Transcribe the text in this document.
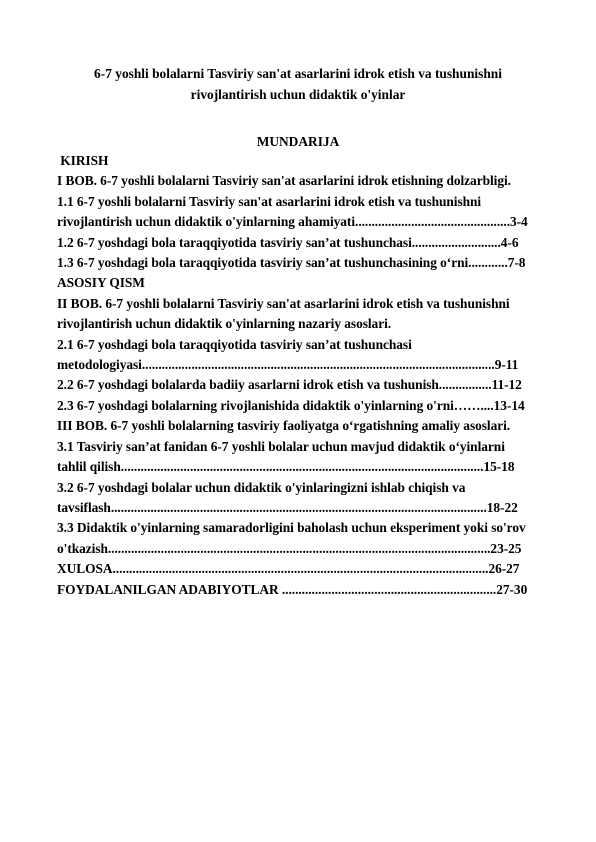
6-7 yoshli bolalarni Tasviriy san'at asarlarini idrok etish va tushunishni
rivojlantirish uchun didaktik o'yinlar
MUNDARIJA
KIRISH
I BOB. 6-7 yoshli bolalarni Tasviriy san'at asarlarini idrok etishning dolzarbligi.
1.1 6-7 yoshli bolalarni Tasviriy san'at asarlarini idrok etish va tushunishni
rivojlantirish uchun didaktik o'yinlarning ahamiyati...............................................3-4
1.2 6-7 yoshdagi bola taraqqiyotida tasviriy san’at tushunchasi...........................4-6
1.3 6-7 yoshdagi bola taraqqiyotida tasviriy san’at tushunchasining o‘rni............7-8
ASOSIY QISM
II BOB. 6-7 yoshli bolalarni Tasviriy san'at asarlarini idrok etish va tushunishni
rivojlantirish uchun didaktik o'yinlarning nazariy asoslari.
2.1 6-7 yoshdagi bola taraqqiyotida tasviriy san’at tushunchasi
metodologiyasi...........................................................................................................9-11
2.2 6-7 yoshdagi bolalarda badiiy asarlarni idrok etish va tushunish................11-12
2.3 6-7 yoshdagi bolalarning rivojlanishida didaktik o'yinlarning o'rni……....13-14
III BOB. 6-7 yoshli bolalarning tasviriy faoliyatga o‘rgatishning amaliy asoslari.
3.1 Tasviriy san’at fanidan 6-7 yoshli bolalar uchun mavjud didaktik o‘yinlarni
tahlil qilish..............................................................................................................15-18
3.2 6-7 yoshdagi bolalar uchun didaktik o'yinlaringizni ishlab chiqish va
tavsiflash..................................................................................................................18-22
3.3 Didaktik o'yinlarning samaradorligini baholash uchun eksperiment yoki so'rov
o'tkazish....................................................................................................................23-25
XULOSA..................................................................................................................26-27
FOYDALANILGAN ADABIYOTLAR .................................................................27-30
